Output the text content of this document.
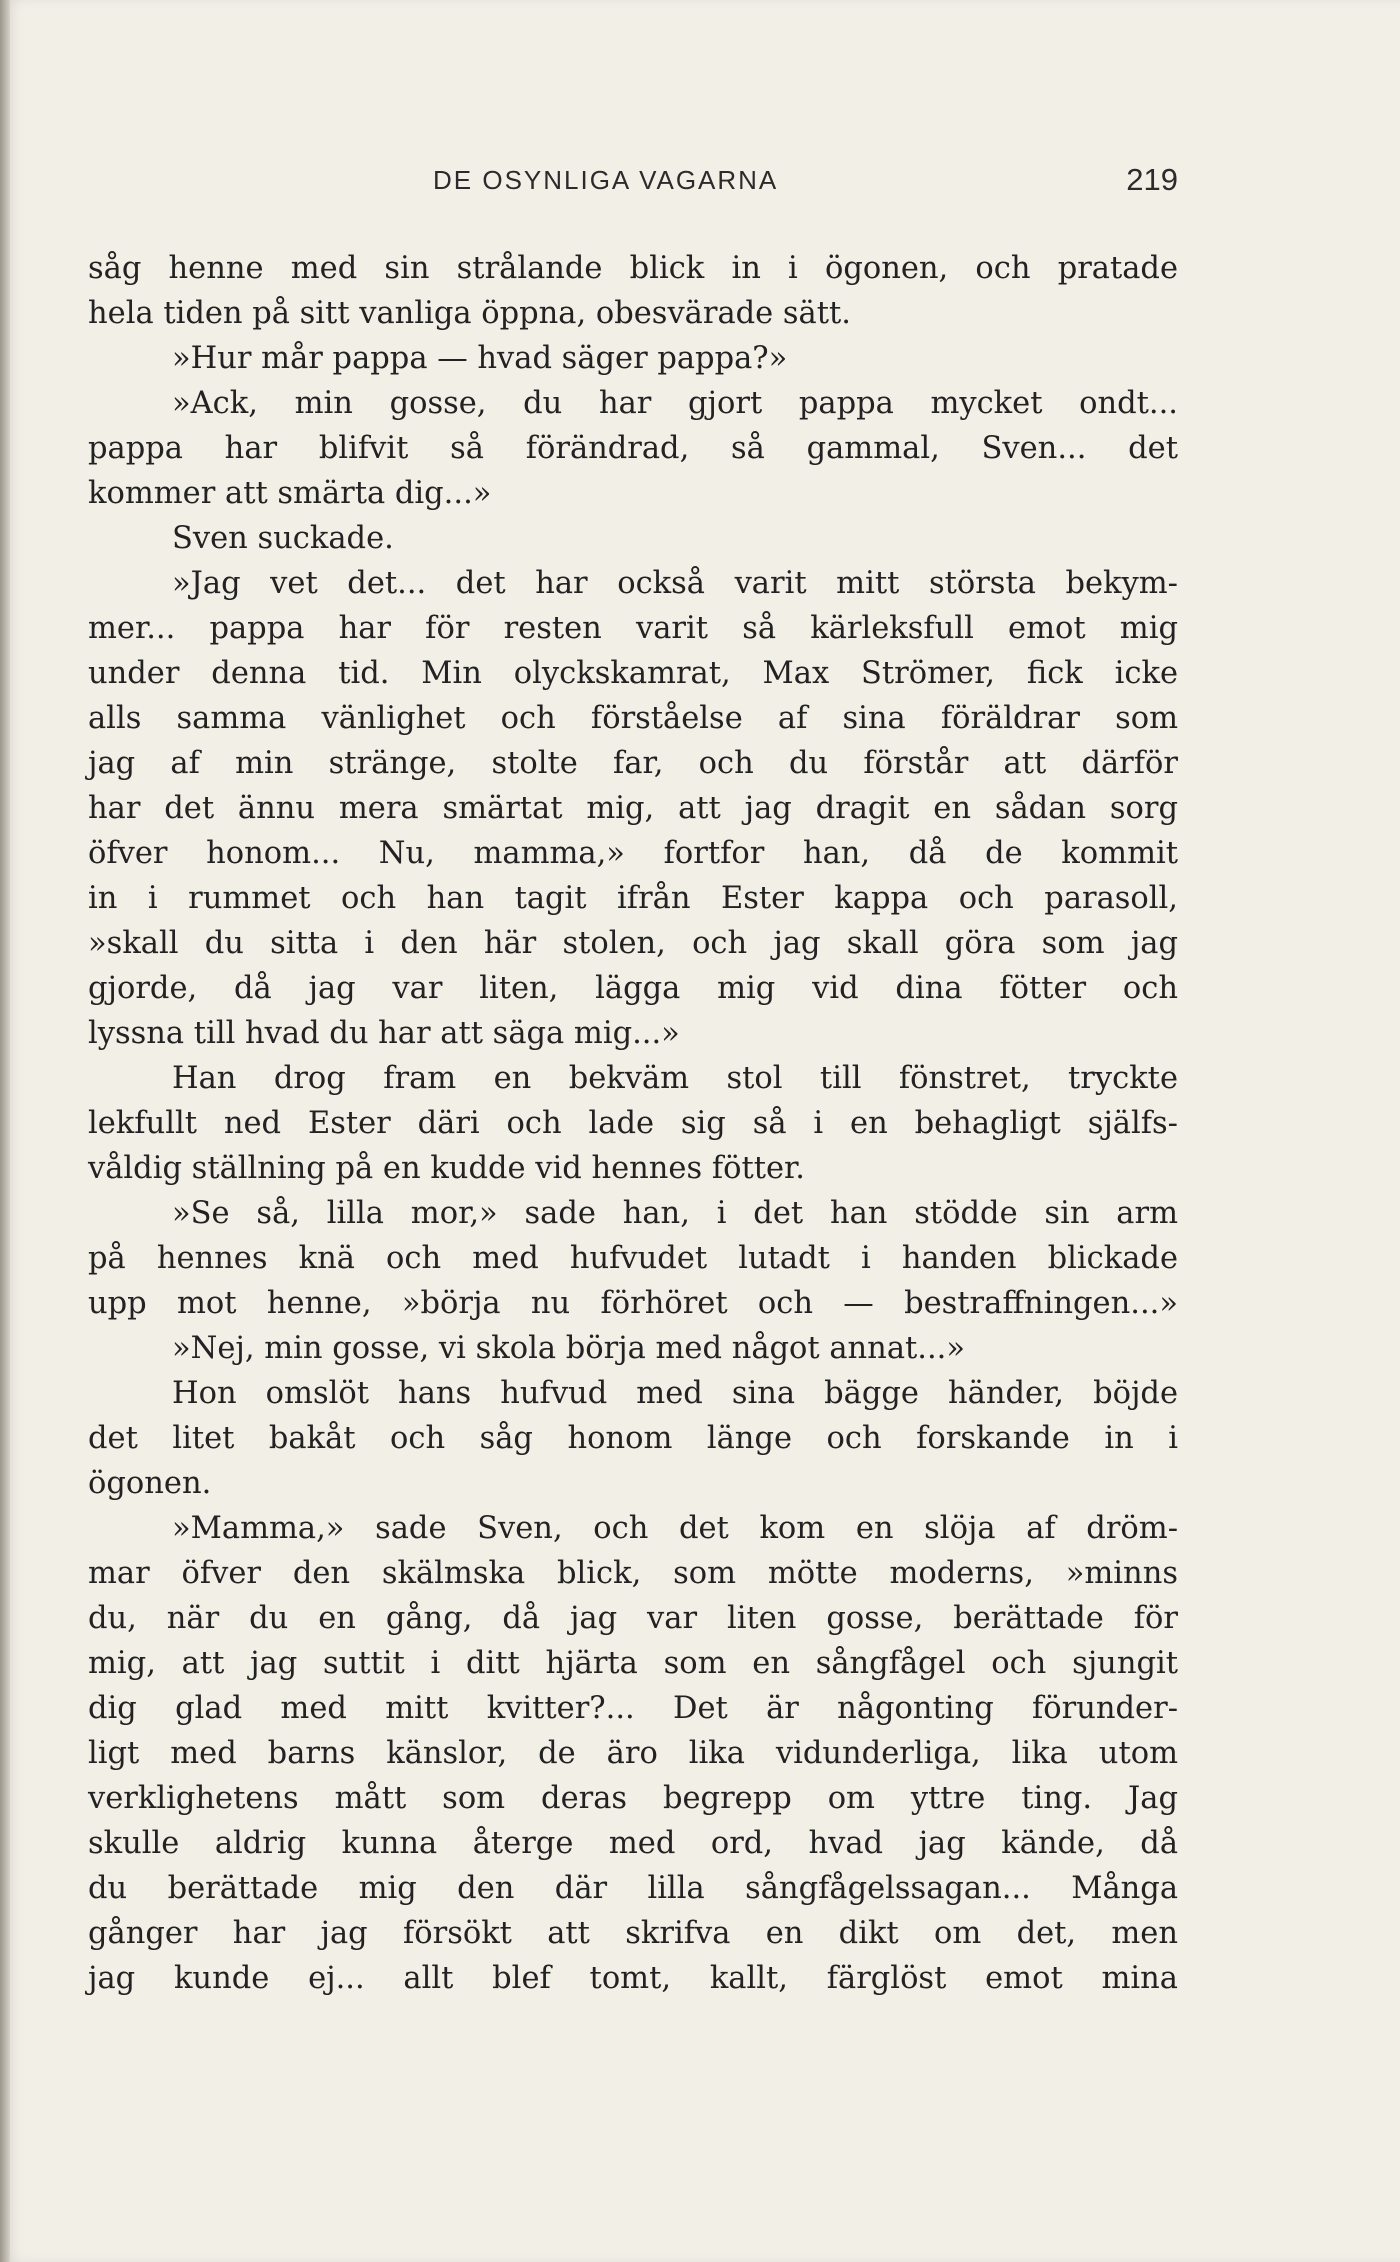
DE OSYNLIGA VAGARNA	219
såg henne med sin strålande blick in i ögonen, och pratade
hela tiden på sitt vanliga öppna, obesvärade sätt.
»Hur mår pappa — hvad säger pappa?»
»Ack, min gosse, du har gjort pappa mycket ondt...
pappa har blifvit så förändrad, så gammal, Sven... det
kommer att smärta dig...»
Sven suckade.
»Jag vet det... det har också varit mitt största bekym-
mer... pappa har för resten varit så kärleksfull emot mig
under denna tid. Min olyckskamrat, Max Strömer, fick icke
alls samma vänlighet och förståelse af sina föräldrar som
jag af min stränge, stolte far, och du förstår att därför
har det ännu mera smärtat mig, att jag dragit en sådan sorg
öfver honom... Nu, mamma,» fortfor han, då de kommit
in i rummet och han tagit ifrån Ester kappa och parasoll,
»skall du sitta i den här stolen, och jag skall göra som jag
gjorde, då jag var liten, lägga mig vid dina fötter och
lyssna till hvad du har att säga mig...»
Han drog fram en bekväm stol till fönstret, tryckte
lekfullt ned Ester däri och lade sig så i en behagligt själfs-
våldig ställning på en kudde vid hennes fötter.
»Se så, lilla mor,» sade han, i det han stödde sin arm
på hennes knä och med hufvudet lutadt i handen blickade
upp mot henne, »börja nu förhöret och — bestraffningen...»
»Nej, min gosse, vi skola börja med något annat...»
Hon omslöt hans hufvud med sina bägge händer, böjde
det litet bakåt och såg honom länge och forskande in i
ögonen.
»Mamma,» sade Sven, och det kom en slöja af dröm-
mar öfver den skälmska blick, som mötte moderns, »minns
du, när du en gång, då jag var liten gosse, berättade för
mig, att jag suttit i ditt hjärta som en sångfågel och sjungit
dig glad med mitt kvitter?... Det är någonting förunder-
ligt med barns känslor, de äro lika vidunderliga, lika utom
verklighetens mått som deras begrepp om yttre ting. Jag
skulle aldrig kunna återge med ord, hvad jag kände, då
du berättade mig den där lilla sångfågelssagan... Många
gånger har jag försökt att skrifva en dikt om det, men
jag kunde ej... allt blef tomt, kallt, färglöst emot mina
